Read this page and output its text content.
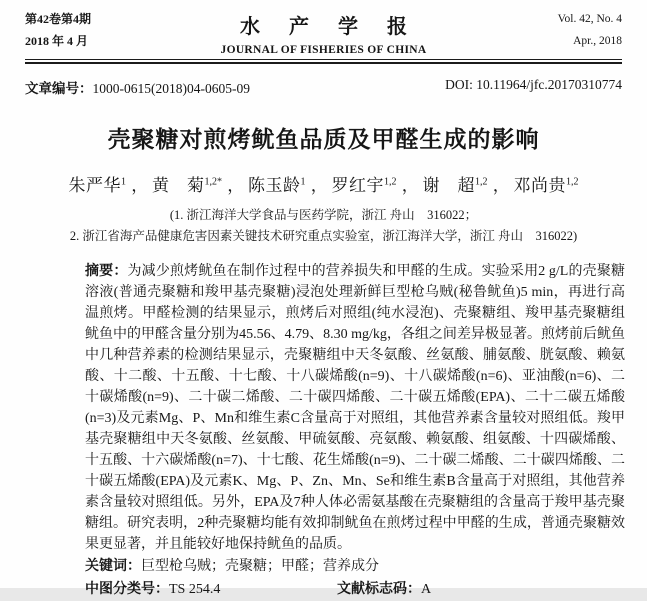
第42卷第4期
2018 年 4 月
水 产 学 报
JOURNAL OF FISHERIES OF CHINA
Vol. 42, No. 4
Apr., 2018
文章编号：1000-0615(2018)04-0605-09	DOI: 10.11964/jfc.20170310774
壳聚糖对煎烤鱿鱼品质及甲醛生成的影响
朱严华$^1$ ， 黄　菊$^{1,2*}$ ， 陈玉龄$^1$ ， 罗红宇$^{1,2}$ ， 谢　超$^{1,2}$ ， 邓尚贵$^{1,2}$
(1. 浙江海洋大学食品与医药学院，浙江 舟山　316022；
2. 浙江省海产品健康危害因素关键技术研究重点实验室，浙江海洋大学，浙江 舟山　316022)
摘要：为减少煎烤鱿鱼在制作过程中的营养损失和甲醛的生成。实验采用2 g/L的壳聚糖溶液(普通壳聚糖和羧甲基壳聚糖)浸泡处理新鲜巨型枪乌贼(秘鲁鱿鱼)5 min，再进行高温煎烤。甲醛检测的结果显示，煎烤后对照组(纯水浸泡)、壳聚糖组、羧甲基壳聚糖组鱿鱼中的甲醛含量分别为45.56、4.79、8.30 mg/kg，各组之间差异极显著。煎烤前后鱿鱼中几种营养素的检测结果显示，壳聚糖组中天冬氨酸、丝氨酸、脯氨酸、胱氨酸、赖氨酸、十二酸、十五酸、十七酸、十八碳烯酸(n=9)、十八碳烯酸(n=6)、亚油酸(n=6)、二十碳烯酸(n=9)、二十碳二烯酸、二十碳四烯酸、二十碳五烯酸(EPA)、二十二碳五烯酸(n=3)及元素Mg、P、Mn和维生素C含量高于对照组，其他营养素含量较对照组低。羧甲基壳聚糖组中天冬氨酸、丝氨酸、甲硫氨酸、亮氨酸、赖氨酸、组氨酸、十四碳烯酸、十五酸、十六碳烯酸(n=7)、十七酸、花生烯酸(n=9)、二十碳二烯酸、二十碳四烯酸、二十碳五烯酸(EPA)及元素K、Mg、P、Zn、Mn、Se和维生素B含量高于对照组，其他营养素含量较对照组低。另外，EPA及7种人体必需氨基酸在壳聚糖组的含量高于羧甲基壳聚糖组。研究表明，2种壳聚糖均能有效抑制鱿鱼在煎烤过程中甲醛的生成，普通壳聚糖效果更显著，并且能较好地保持鱿鱼的品质。
关键词：巨型枪乌贼；壳聚糖；甲醛；营养成分
中图分类号：TS 254.4	文献标志码：A
